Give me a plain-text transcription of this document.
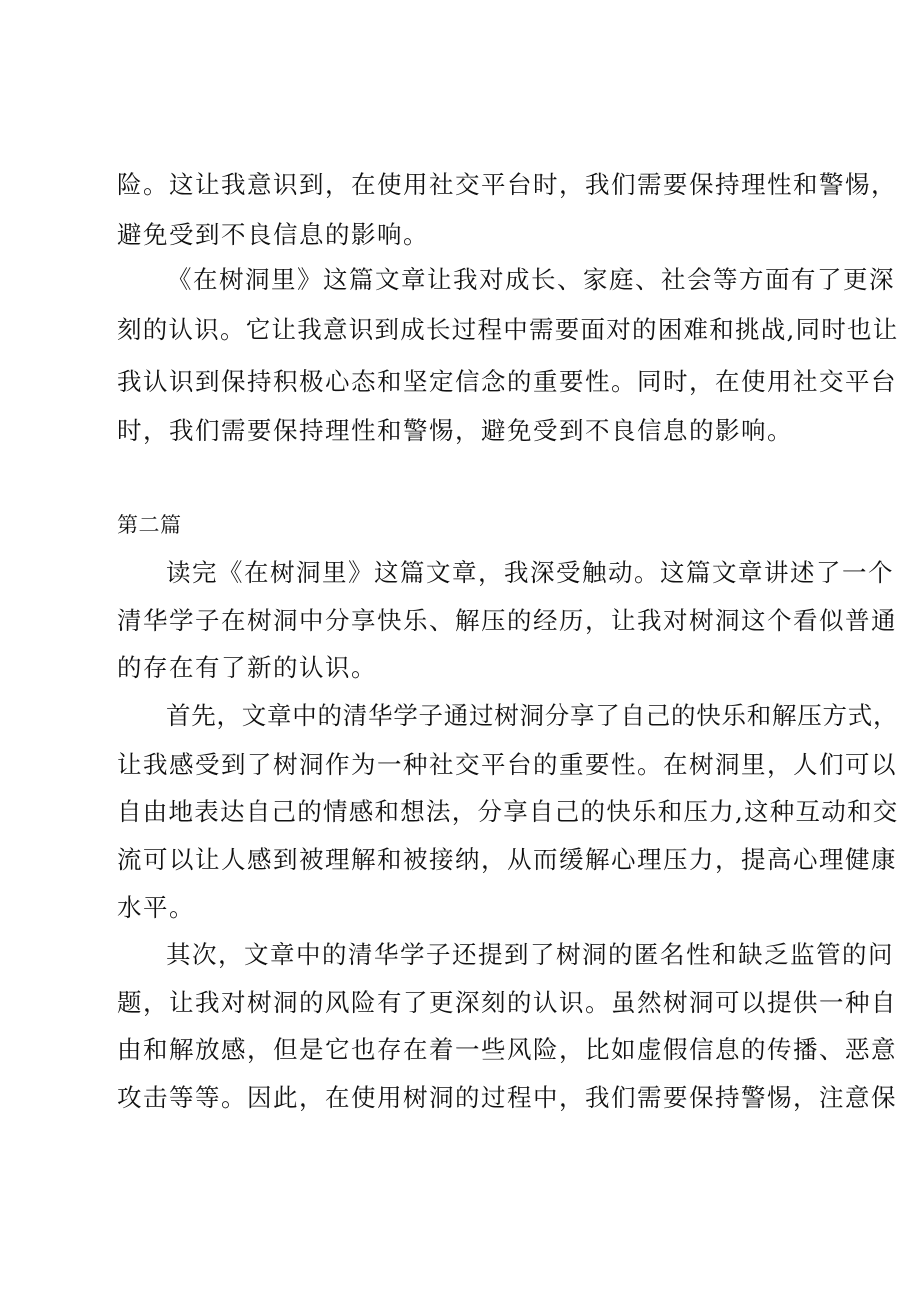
险。这让我意识到，在使用社交平台时，我们需要保持理性和警惕，
避免受到不良信息的影响。
《在树洞里》这篇文章让我对成长、家庭、社会等方面有了更深
刻的认识。它让我意识到成长过程中需要面对的困难和挑战,同时也让
我认识到保持积极心态和坚定信念的重要性。同时，在使用社交平台
时，我们需要保持理性和警惕，避免受到不良信息的影响。
第二篇
读完《在树洞里》这篇文章，我深受触动。这篇文章讲述了一个
清华学子在树洞中分享快乐、解压的经历，让我对树洞这个看似普通
的存在有了新的认识。
首先，文章中的清华学子通过树洞分享了自己的快乐和解压方式，
让我感受到了树洞作为一种社交平台的重要性。在树洞里，人们可以
自由地表达自己的情感和想法，分享自己的快乐和压力,这种互动和交
流可以让人感到被理解和被接纳，从而缓解心理压力，提高心理健康
水平。
其次，文章中的清华学子还提到了树洞的匿名性和缺乏监管的问
题，让我对树洞的风险有了更深刻的认识。虽然树洞可以提供一种自
由和解放感，但是它也存在着一些风险，比如虚假信息的传播、恶意
攻击等等。因此，在使用树洞的过程中，我们需要保持警惕，注意保
